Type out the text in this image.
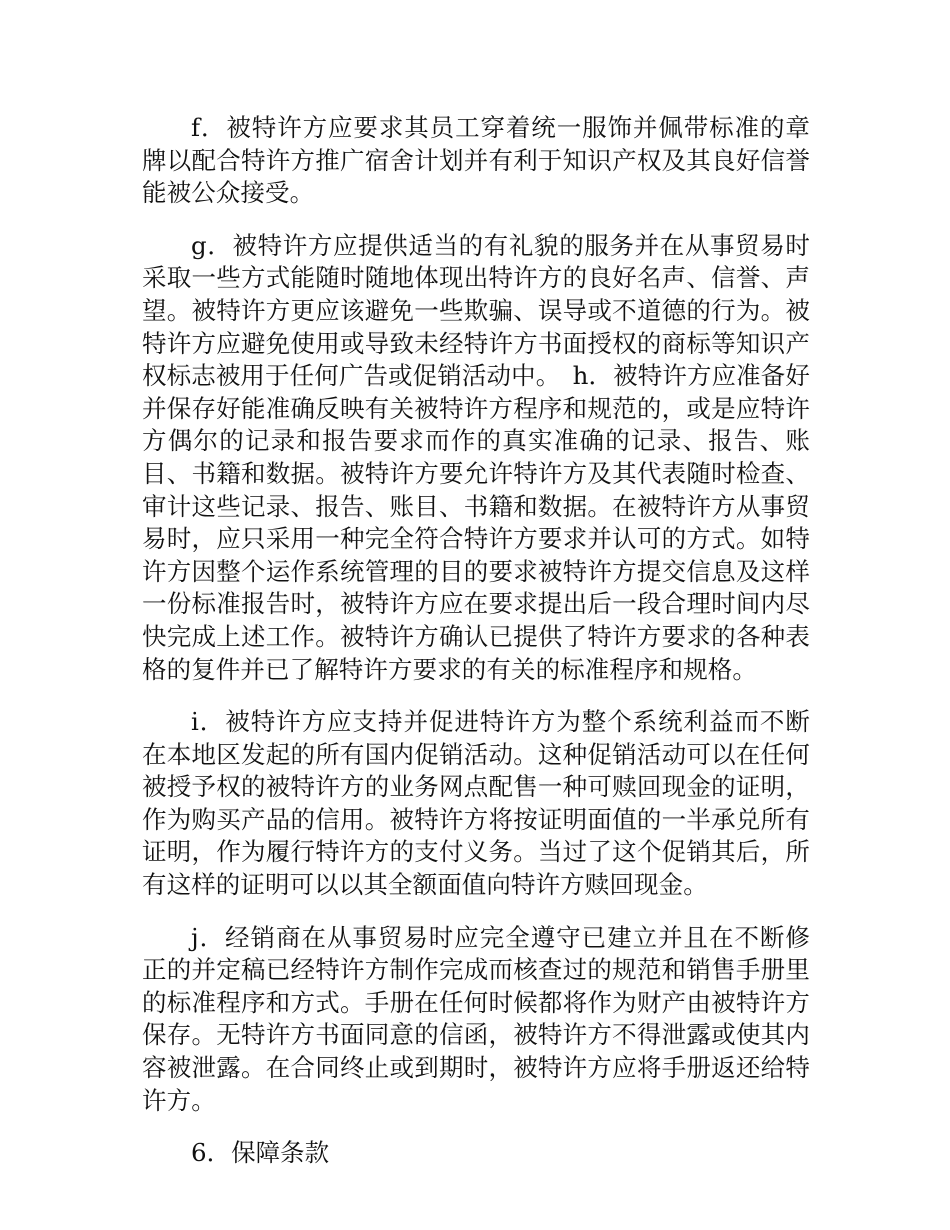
f．被特许方应要求其员工穿着统一服饰并佩带标准的章牌以配合特许方推广宿舍计划并有利于知识产权及其良好信誉能被公众接受。

g．被特许方应提供适当的有礼貌的服务并在从事贸易时采取一些方式能随时随地体现出特许方的良好名声、信誉、声望。被特许方更应该避免一些欺骗、误导或不道德的行为。被特许方应避免使用或导致未经特许方书面授权的商标等知识产权标志被用于任何广告或促销活动中。　h．被特许方应准备好并保存好能准确反映有关被特许方程序和规范的，或是应特许方偶尔的记录和报告要求而作的真实准确的记录、报告、账目、书籍和数据。被特许方要允许特许方及其代表随时检查、审计这些记录、报告、账目、书籍和数据。在被特许方从事贸易时，应只采用一种完全符合特许方要求并认可的方式。如特许方因整个运作系统管理的目的要求被特许方提交信息及这样一份标准报告时，被特许方应在要求提出后一段合理时间内尽快完成上述工作。被特许方确认已提供了特许方要求的各种表格的复件并已了解特许方要求的有关的标准程序和规格。

i．被特许方应支持并促进特许方为整个系统利益而不断在本地区发起的所有国内促销活动。这种促销活动可以在任何被授予权的被特许方的业务网点配售一种可赎回现金的证明，作为购买产品的信用。被特许方将按证明面值的一半承兑所有证明，作为履行特许方的支付义务。当过了这个促销其后，所有这样的证明可以以其全额面值向特许方赎回现金。

j．经销商在从事贸易时应完全遵守已建立并且在不断修正的并定稿已经特许方制作完成而核查过的规范和销售手册里的标准程序和方式。手册在任何时候都将作为财产由被特许方保存。无特许方书面同意的信函，被特许方不得泄露或使其内容被泄露。在合同终止或到期时，被特许方应将手册返还给特许方。

6．保障条款
